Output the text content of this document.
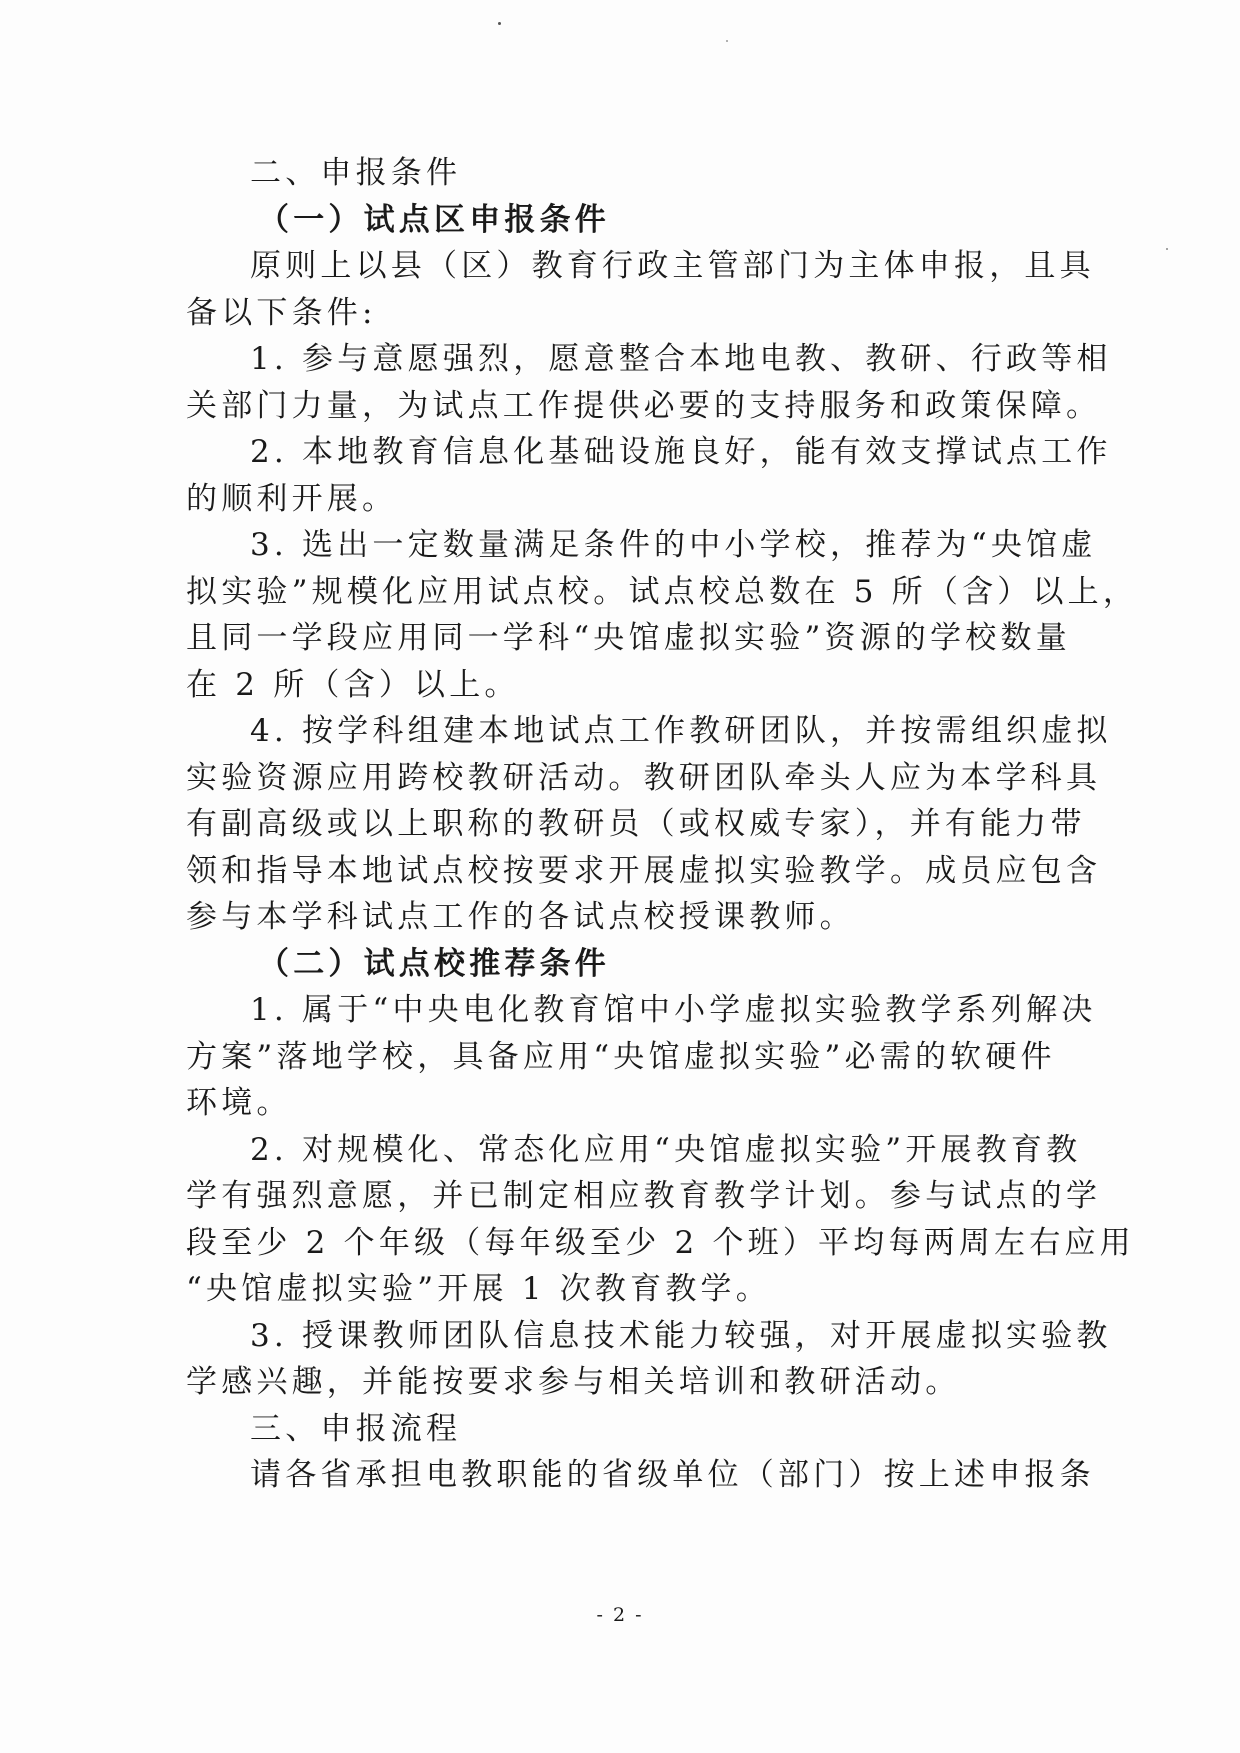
二、申报条件
（一）试点区申报条件
原则上以县（区）教育行政主管部门为主体申报，且具
备以下条件:
1. 参与意愿强烈，愿意整合本地电教、教研、行政等相
关部门力量，为试点工作提供必要的支持服务和政策保障。
2. 本地教育信息化基础设施良好，能有效支撑试点工作
的顺利开展。
3. 选出一定数量满足条件的中小学校，推荐为“央馆虚
拟实验”规模化应用试点校。试点校总数在 5 所（含）以上，
且同一学段应用同一学科“央馆虚拟实验”资源的学校数量
在 2 所（含）以上。
4. 按学科组建本地试点工作教研团队，并按需组织虚拟
实验资源应用跨校教研活动。教研团队牵头人应为本学科具
有副高级或以上职称的教研员（或权威专家），并有能力带
领和指导本地试点校按要求开展虚拟实验教学。成员应包含
参与本学科试点工作的各试点校授课教师。
（二）试点校推荐条件
1. 属于“中央电化教育馆中小学虚拟实验教学系列解决
方案”落地学校，具备应用“央馆虚拟实验”必需的软硬件
环境。
2. 对规模化、常态化应用“央馆虚拟实验”开展教育教
学有强烈意愿，并已制定相应教育教学计划。参与试点的学
段至少 2 个年级（每年级至少 2 个班）平均每两周左右应用
“央馆虚拟实验”开展 1 次教育教学。
3. 授课教师团队信息技术能力较强，对开展虚拟实验教
学感兴趣，并能按要求参与相关培训和教研活动。
三、申报流程
请各省承担电教职能的省级单位（部门）按上述申报条
- 2 -
